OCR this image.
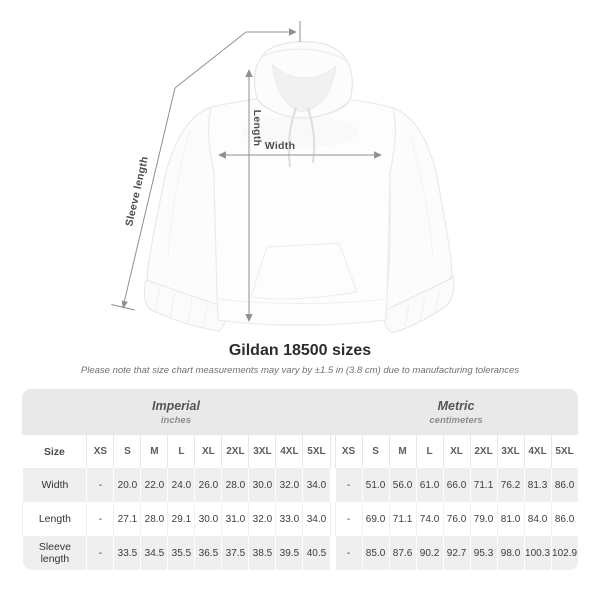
Width
Length
Sleeve length
Gildan 18500 sizes

Please note that size chart measurements may vary by ±1.5 in (3.8 cm) due to manufacturing tolerances

Imperial
inches

Metric
centimeters

Size	XS	S	M	L	XL	2XL	3XL	4XL	5XL		XS	S	M	L	XL	2XL	3XL	4XL	5XL
Width	-	20.0	22.0	24.0	26.0	28.0	30.0	32.0	34.0		-	51.0	56.0	61.0	66.0	71.1	76.2	81.3	86.0
Length	-	27.1	28.0	29.1	30.0	31.0	32.0	33.0	34.0		-	69.0	71.1	74.0	76.0	79.0	81.0	84.0	86.0
Sleeve length	-	33.5	34.5	35.5	36.5	37.5	38.5	39.5	40.5		-	85.0	87.6	90.2	92.7	95.3	98.0	100.3	102.9
